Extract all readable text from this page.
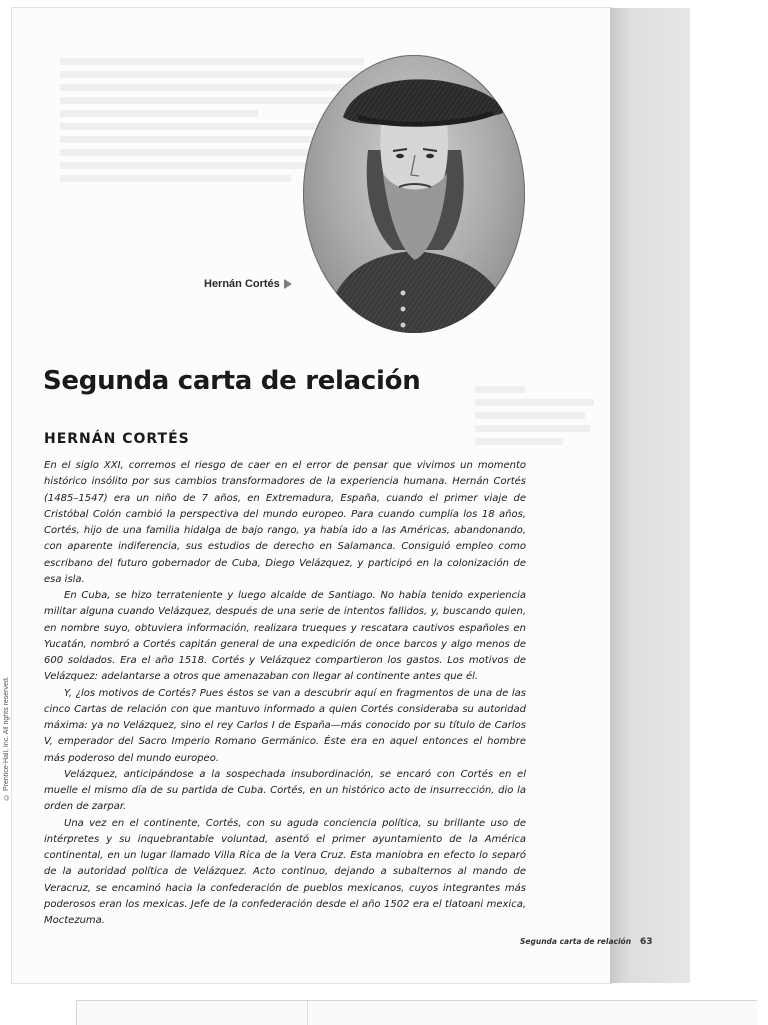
Hernán Cortés
Segunda carta de relación
HERNÁN CORTÉS

En el siglo XXI, corremos el riesgo de caer en el error de pensar que vivimos un momento histórico insólito por sus cambios transformadores de la experiencia humana. Hernán Cortés (1485–1547) era un niño de 7 años, en Extremadura, España, cuando el primer viaje de Cristóbal Colón cambió la perspectiva del mundo europeo. Para cuando cumplía los 18 años, Cortés, hijo de una familia hidalga de bajo rango, ya había ido a las Américas, abandonando, con aparente indiferencia, sus estudios de derecho en Salamanca. Consiguió empleo como escribano del futuro gobernador de Cuba, Diego Velázquez, y participó en la colonización de esa isla.

En Cuba, se hizo terrateniente y luego alcalde de Santiago. No había tenido experiencia militar alguna cuando Velázquez, después de una serie de intentos fallidos, y, buscando quien, en nombre suyo, obtuviera información, realizara trueques y rescatara cautivos españoles en Yucatán, nombró a Cortés capitán general de una expedición de once barcos y algo menos de 600 soldados. Era el año 1518. Cortés y Velázquez compartieron los gastos. Los motivos de Velázquez: adelantarse a otros que amenazaban con llegar al continente antes que él.

Y, ¿los motivos de Cortés? Pues éstos se van a descubrir aquí en fragmentos de una de las cinco Cartas de relación con que mantuvo informado a quien Cortés consideraba su autoridad máxima: ya no Velázquez, sino el rey Carlos I de España—más conocido por su título de Carlos V, emperador del Sacro Imperio Romano Germánico. Éste era en aquel entonces el hombre más poderoso del mundo europeo.

Velázquez, anticipándose a la sospechada insubordinación, se encaró con Cortés en el muelle el mismo día de su partida de Cuba. Cortés, en un histórico acto de insurrección, dio la orden de zarpar.

Una vez en el continente, Cortés, con su aguda conciencia política, su brillante uso de intérpretes y su inquebrantable voluntad, asentó el primer ayuntamiento de la América continental, en un lugar llamado Villa Rica de la Vera Cruz. Esta maniobra en efecto lo separó de la autoridad política de Velázquez. Acto continuo, dejando a subalternos al mando de Veracruz, se encaminó hacia la confederación de pueblos mexicanos, cuyos integrantes más poderosos eran los mexicas. Jefe de la confederación desde el año 1502 era el tlatoani mexica, Moctezuma.

© Prentice-Hall, Inc. All rights reserved.
Segunda carta de relación 63
